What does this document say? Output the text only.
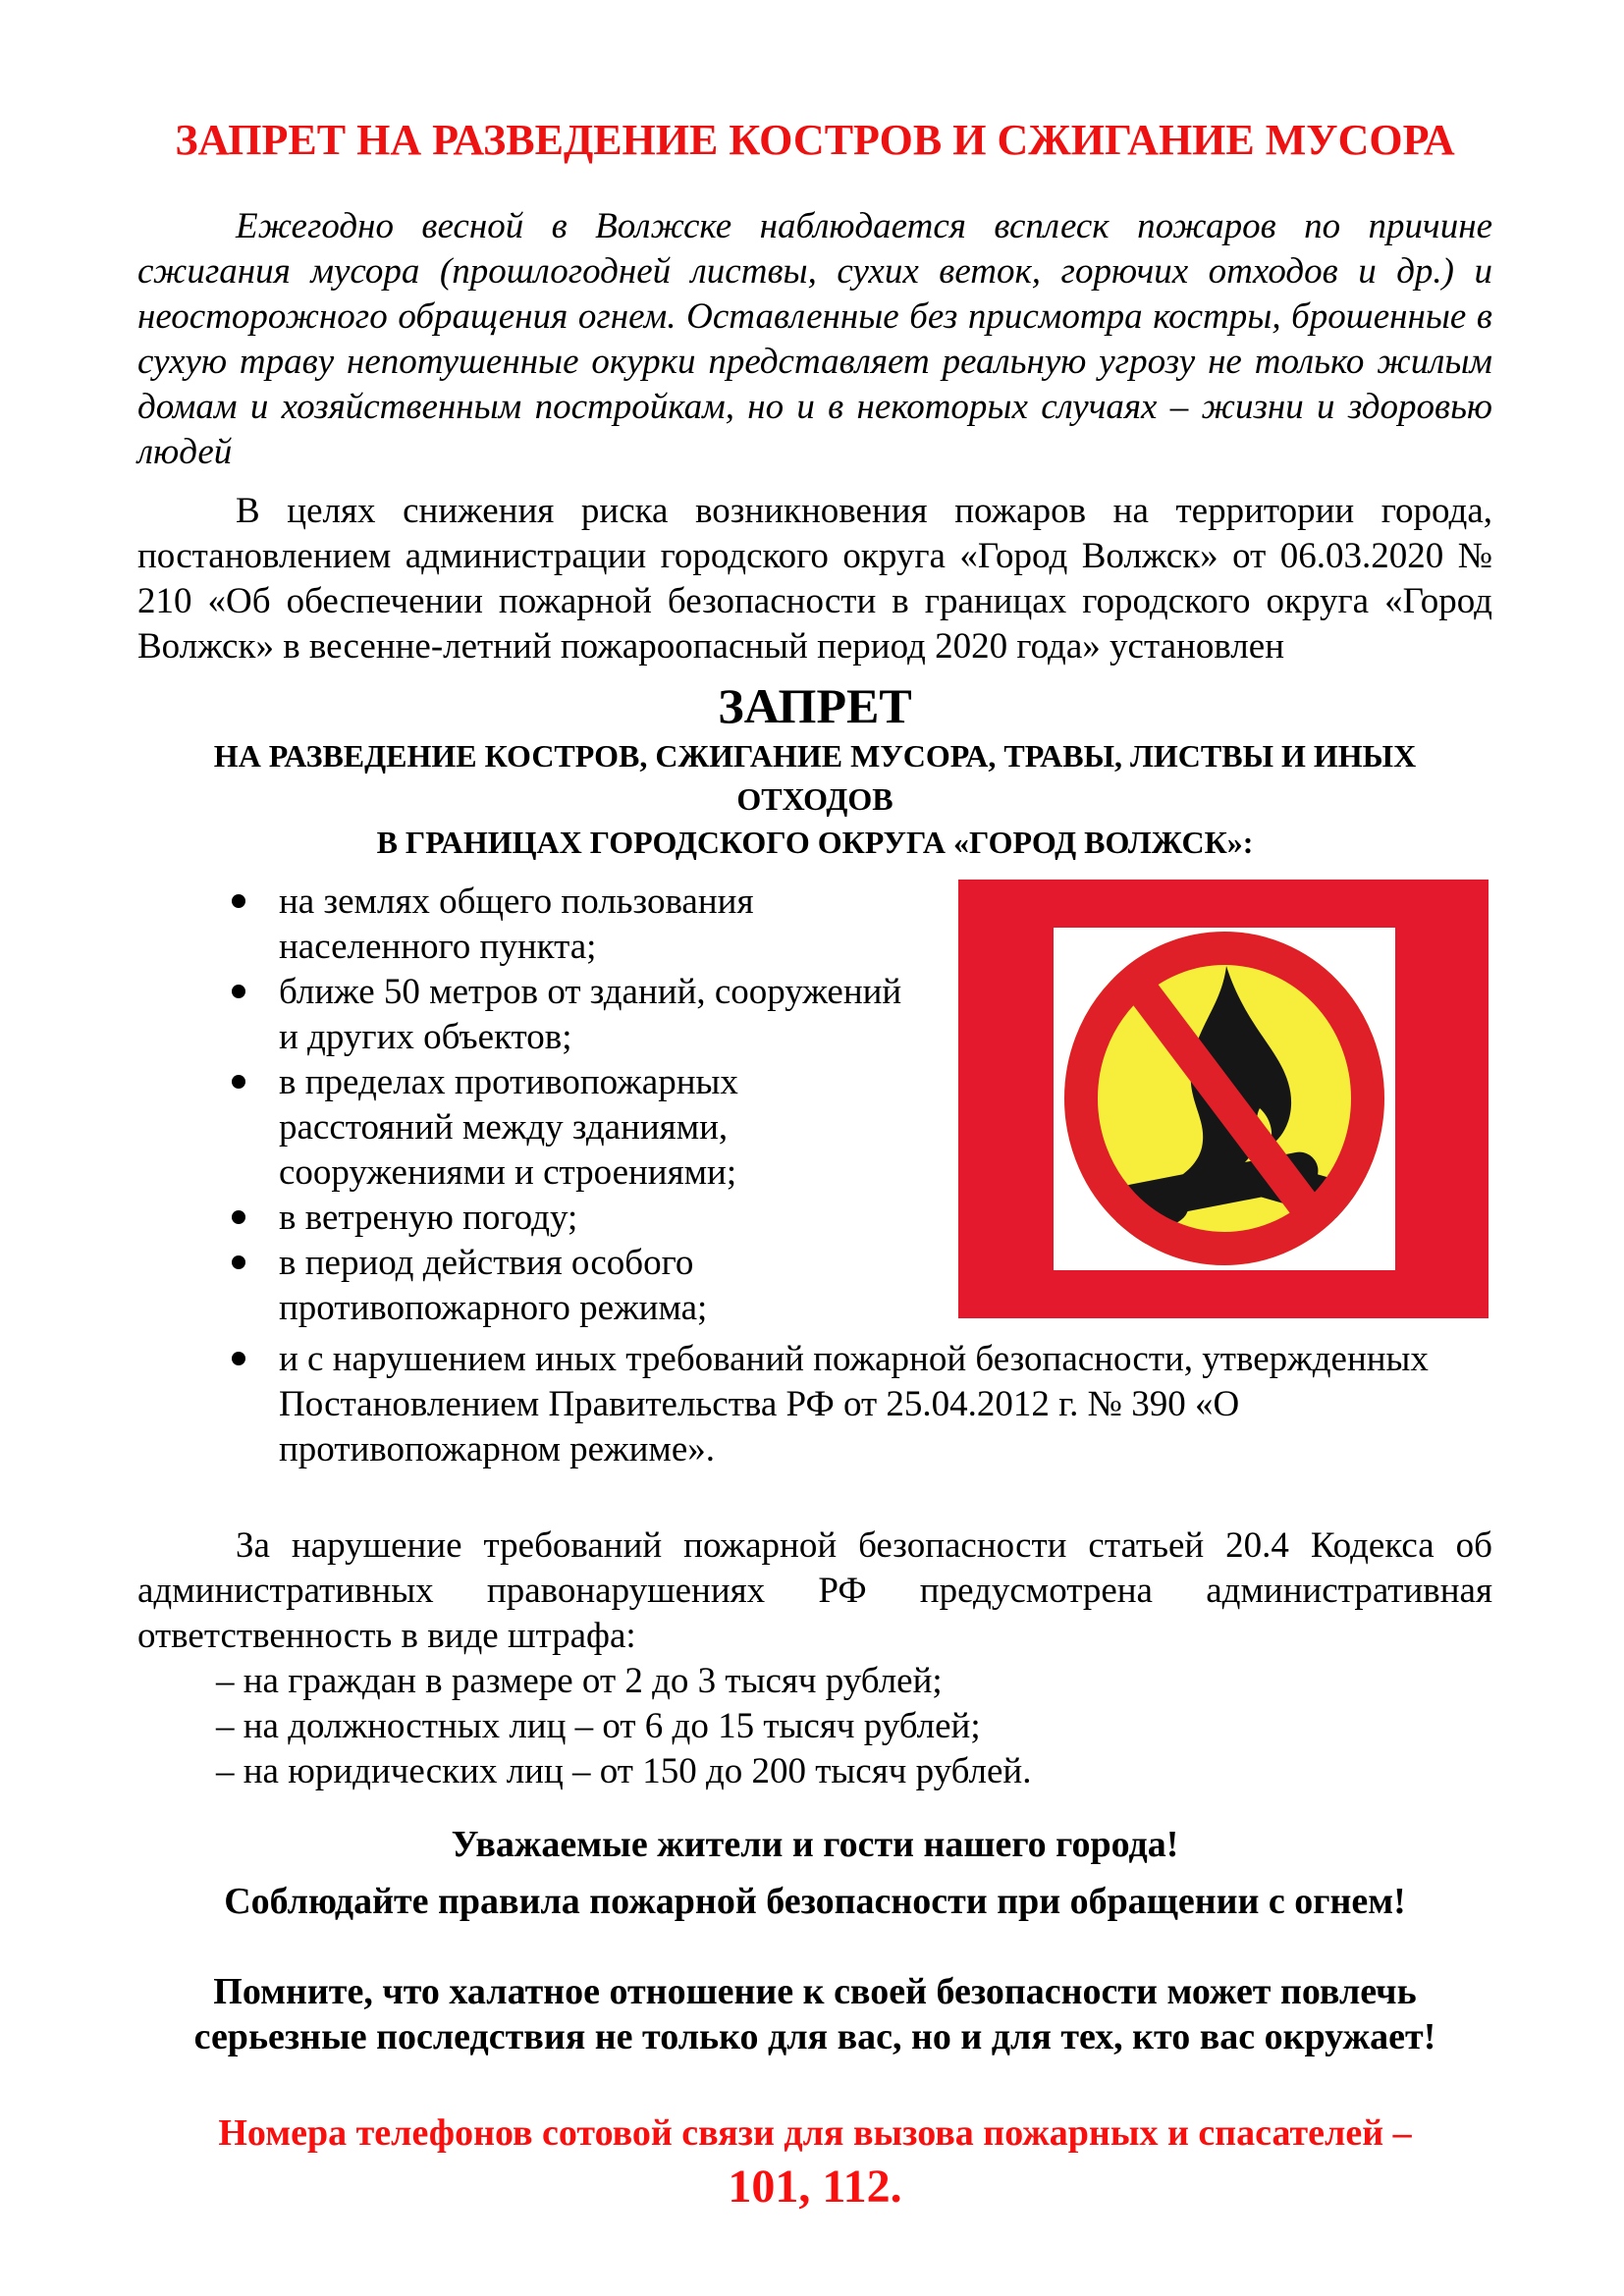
ЗАПРЕТ НА РАЗВЕДЕНИЕ КОСТРОВ И СЖИГАНИЕ МУСОРА

Ежегодно весной в Волжске наблюдается всплеск пожаров по причине сжигания мусора (прошлогодней листвы, сухих веток, горючих отходов и др.) и неосторожного обращения огнем. Оставленные без присмотра костры, брошенные в сухую траву непотушенные окурки представляет реальную угрозу не только жилым домам и хозяйственным постройкам, но и в некоторых случаях – жизни и здоровью людей

В целях снижения риска возникновения пожаров на территории города, постановлением администрации городского округа «Город Волжск» от 06.03.2020 № 210 «Об обеспечении пожарной безопасности в границах городского округа «Город Волжск» в весенне-летний пожароопасный период 2020 года» установлен

ЗАПРЕТ
НА РАЗВЕДЕНИЕ КОСТРОВ, СЖИГАНИЕ МУСОРА, ТРАВЫ, ЛИСТВЫ И ИНЫХ ОТХОДОВ
В ГРАНИЦАХ ГОРОДСКОГО ОКРУГА «ГОРОД ВОЛЖСК»:
на землях общего пользования населенного пункта;
ближе 50 метров от зданий, сооружений и других объектов;
в пределах противопожарных расстояний между зданиями, сооружениями и строениями;
в ветреную погоду;
в период действия особого противопожарного режима;
и с нарушением иных требований пожарной безопасности, утвержденных Постановлением Правительства РФ от 25.04.2012 г. № 390 «О противопожарном режиме».

За нарушение требований пожарной безопасности статьей 20.4 Кодекса об административных правонарушениях РФ предусмотрена административная ответственность в виде штрафа:

– на граждан в размере от 2 до 3 тысяч рублей;
– на должностных лиц – от 6 до 15 тысяч рублей;
– на юридических лиц – от 150 до 200 тысяч рублей.
Уважаемые жители и гости нашего города!
Соблюдайте правила пожарной безопасности при обращении с огнем!
Помните, что халатное отношение к своей безопасности может повлечь серьезные последствия не только для вас, но и для тех, кто вас окружает!
Номера телефонов сотовой связи для вызова пожарных и спасателей –
101, 112.
